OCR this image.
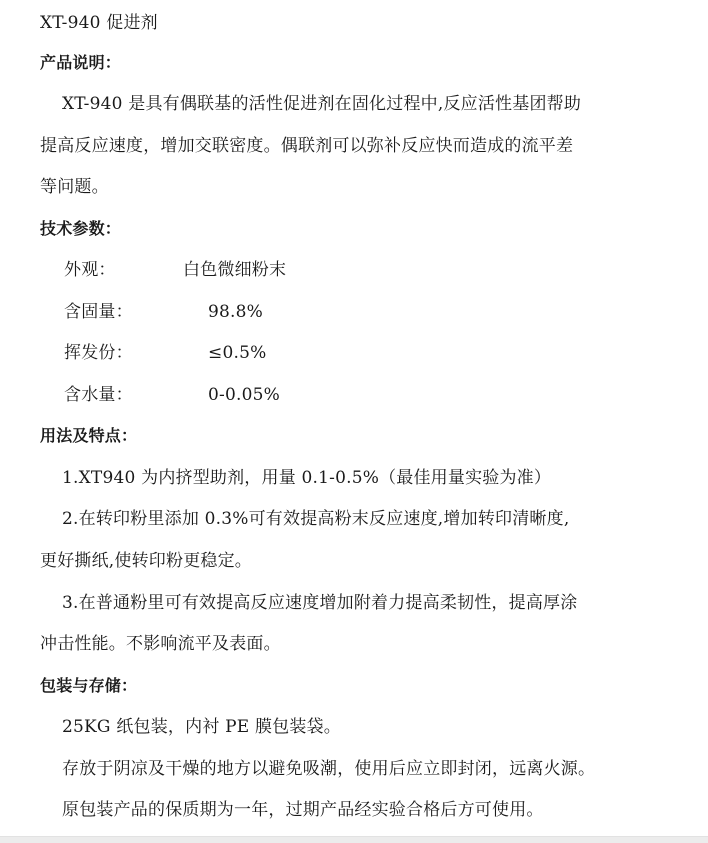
XT-940 促进剂
产品说明：
XT-940 是具有偶联基的活性促进剂在固化过程中,反应活性基团帮助
提高反应速度，增加交联密度。偶联剂可以弥补反应快而造成的流平差
等问题。
技术参数：
外观：	白色微细粉末
含固量：	98.8%
挥发份：	≤0.5%
含水量：	0-0.05%
用法及特点：
1.XT940 为内挤型助剂，用量 0.1-0.5%（最佳用量实验为准）
2.在转印粉里添加 0.3%可有效提高粉末反应速度,增加转印清晰度,
更好撕纸,使转印粉更稳定。
3.在普通粉里可有效提高反应速度增加附着力提高柔韧性，提高厚涂
冲击性能。不影响流平及表面。
包装与存储：
25KG 纸包装，内衬 PE 膜包装袋。
存放于阴凉及干燥的地方以避免吸潮，使用后应立即封闭，远离火源。
原包装产品的保质期为一年，过期产品经实验合格后方可使用。
